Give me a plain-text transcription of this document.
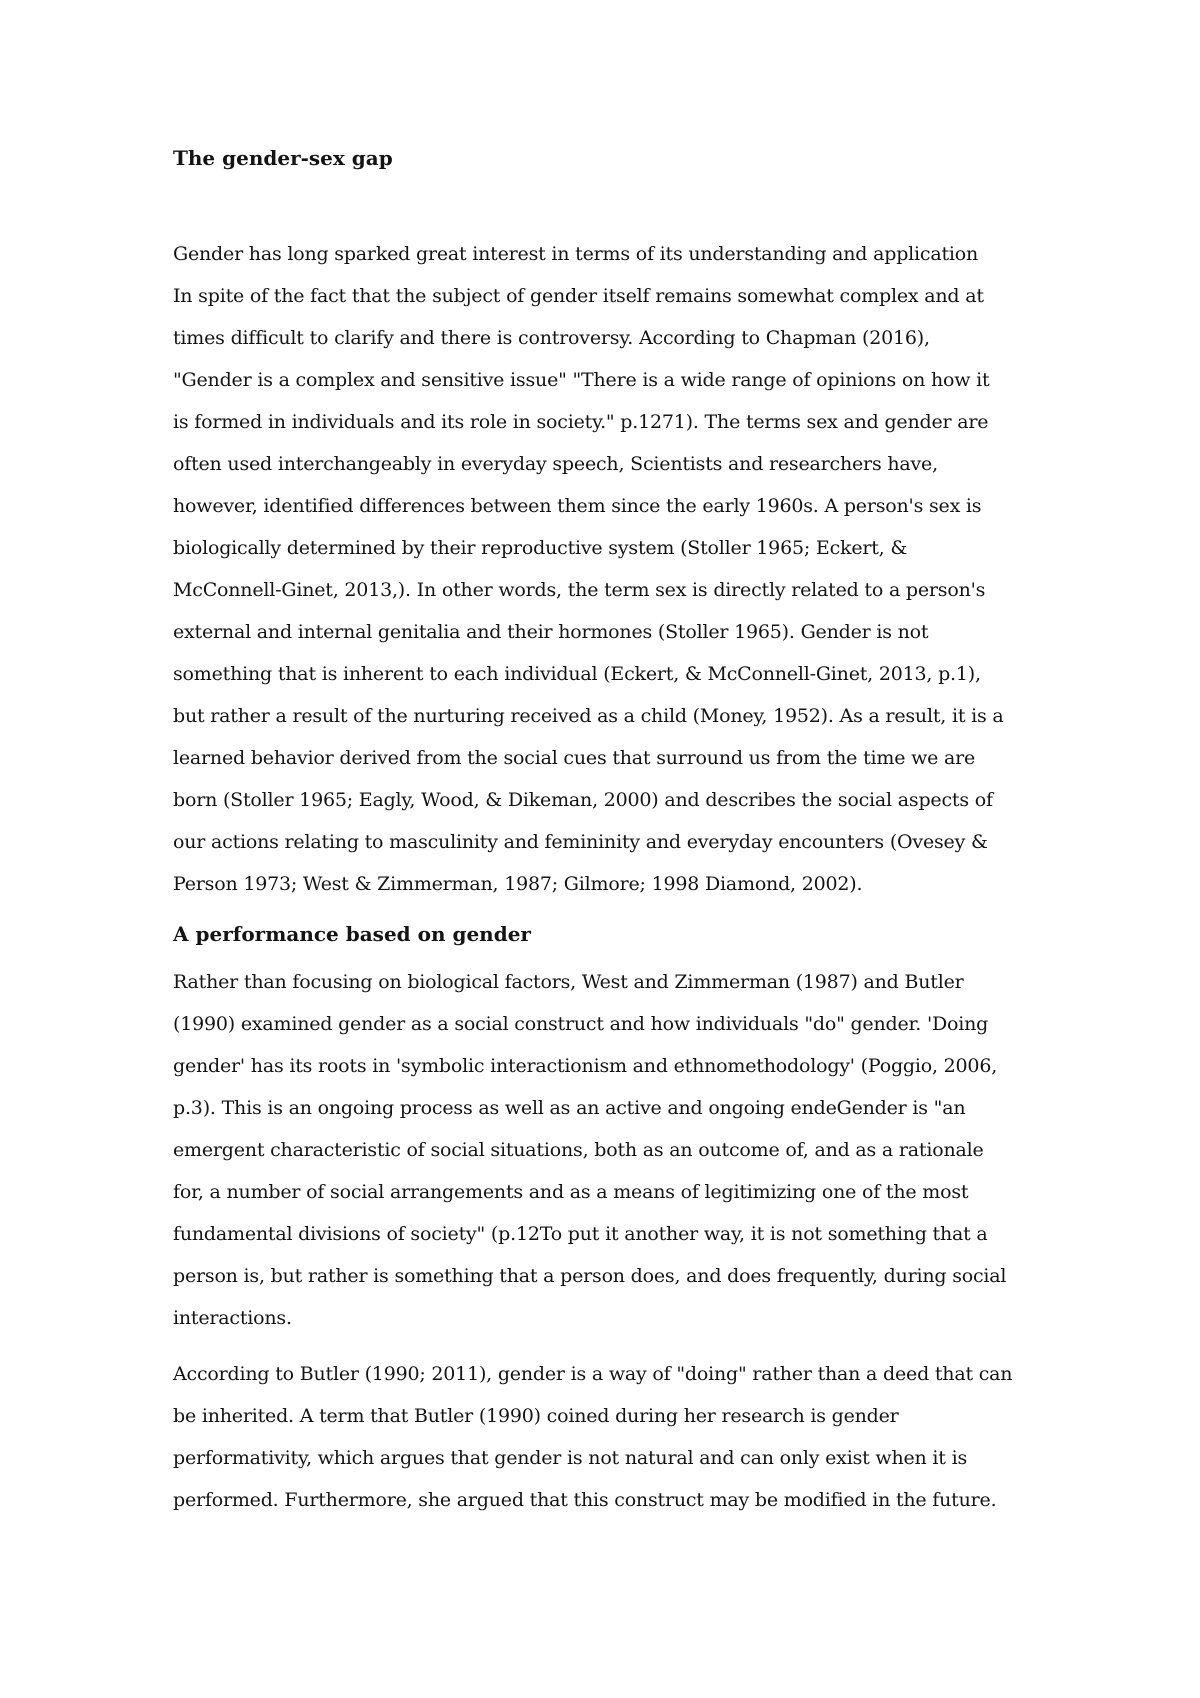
The gender-sex gap

Gender has long sparked great interest in terms of its understanding and application
In spite of the fact that the subject of gender itself remains somewhat complex and at
times difficult to clarify and there is controversy. According to Chapman (2016),
"Gender is a complex and sensitive issue" "There is a wide range of opinions on how it
is formed in individuals and its role in society." p.1271). The terms sex and gender are
often used interchangeably in everyday speech, Scientists and researchers have,
however, identified differences between them since the early 1960s. A person's sex is
biologically determined by their reproductive system (Stoller 1965; Eckert, &
McConnell-Ginet, 2013,). In other words, the term sex is directly related to a person's
external and internal genitalia and their hormones (Stoller 1965). Gender is not
something that is inherent to each individual (Eckert, & McConnell-Ginet, 2013, p.1),
but rather a result of the nurturing received as a child (Money, 1952). As a result, it is a
learned behavior derived from the social cues that surround us from the time we are
born (Stoller 1965; Eagly, Wood, & Dikeman, 2000) and describes the social aspects of
our actions relating to masculinity and femininity and everyday encounters (Ovesey &
Person 1973; West & Zimmerman, 1987; Gilmore; 1998 Diamond, 2002).

A performance based on gender

Rather than focusing on biological factors, West and Zimmerman (1987) and Butler
(1990) examined gender as a social construct and how individuals "do" gender. 'Doing
gender' has its roots in 'symbolic interactionism and ethnomethodology' (Poggio, 2006,
p.3). This is an ongoing process as well as an active and ongoing endeGender is "an
emergent characteristic of social situations, both as an outcome of, and as a rationale
for, a number of social arrangements and as a means of legitimizing one of the most
fundamental divisions of society" (p.12To put it another way, it is not something that a
person is, but rather is something that a person does, and does frequently, during social
interactions.

According to Butler (1990; 2011), gender is a way of "doing" rather than a deed that can
be inherited. A term that Butler (1990) coined during her research is gender
performativity, which argues that gender is not natural and can only exist when it is
performed. Furthermore, she argued that this construct may be modified in the future.
